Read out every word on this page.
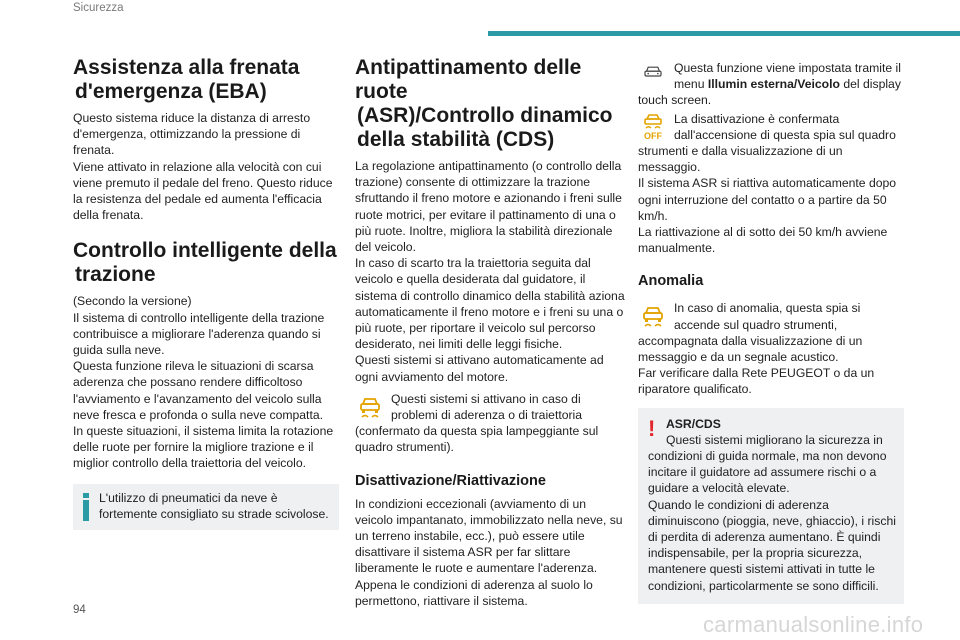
Sicurezza
Assistenza alla frenata
d'emergenza (EBA)
Questo sistema riduce la distanza di arresto d'emergenza, ottimizzando la pressione di frenata.
Viene attivato in relazione alla velocità con cui viene premuto il pedale del freno. Questo riduce la resistenza del pedale ed aumenta l'efficacia della frenata.
Controllo intelligente della
trazione
(Secondo la versione)
Il sistema di controllo intelligente della trazione contribuisce a migliorare l'aderenza quando si guida sulla neve.
Questa funzione rileva le situazioni di scarsa aderenza che possano rendere difficoltoso l'avviamento e l'avanzamento del veicolo sulla neve fresca e profonda o sulla neve compatta.
In queste situazioni, il sistema limita la rotazione delle ruote per fornire la migliore trazione e il miglior controllo della traiettoria del veicolo.
L'utilizzo di pneumatici da neve è fortemente consigliato su strade scivolose.
Antipattinamento delle ruote
(ASR)/Controllo dinamico
della stabilità (CDS)
La regolazione antipattinamento (o controllo della trazione) consente di ottimizzare la trazione sfruttando il freno motore e azionando i freni sulle ruote motrici, per evitare il pattinamento di una o più ruote. Inoltre, migliora la stabilità direzionale del veicolo.
In caso di scarto tra la traiettoria seguita dal veicolo e quella desiderata dal guidatore, il sistema di controllo dinamico della stabilità aziona automaticamente il freno motore e i freni su una o più ruote, per riportare il veicolo sul percorso desiderato, nei limiti delle leggi fisiche.
Questi sistemi si attivano automaticamente ad ogni avviamento del motore.
Questi sistemi si attivano in caso di problemi di aderenza o di traiettoria (confermato da questa spia lampeggiante sul quadro strumenti).
Disattivazione/Riattivazione
In condizioni eccezionali (avviamento di un veicolo impantanato, immobilizzato nella neve, su un terreno instabile, ecc.), può essere utile disattivare il sistema ASR per far slittare liberamente le ruote e aumentare l'aderenza.
Appena le condizioni di aderenza al suolo lo permettono, riattivare il sistema.
Questa funzione viene impostata tramite il menu Illumin esterna/Veicolo del display touch screen.
OFF
La disattivazione è confermata dall'accensione di questa spia sul quadro strumenti e dalla visualizzazione di un messaggio.
Il sistema ASR si riattiva automaticamente dopo ogni interruzione del contatto o a partire da 50 km/h.
La riattivazione al di sotto dei 50 km/h avviene manualmente.
Anomalia
In caso di anomalia, questa spia si accende sul quadro strumenti, accompagnata dalla visualizzazione di un messaggio e da un segnale acustico.
Far verificare dalla Rete PEUGEOT o da un riparatore qualificato.
! ASR/CDS
Questi sistemi migliorano la sicurezza in condizioni di guida normale, ma non devono incitare il guidatore ad assumere rischi o a guidare a velocità elevate.
Quando le condizioni di aderenza diminuiscono (pioggia, neve, ghiaccio), i rischi di perdita di aderenza aumentano. È quindi indispensabile, per la propria sicurezza, mantenere questi sistemi attivati in tutte le condizioni, particolarmente se sono difficili.
94
carmanualsonline.info
